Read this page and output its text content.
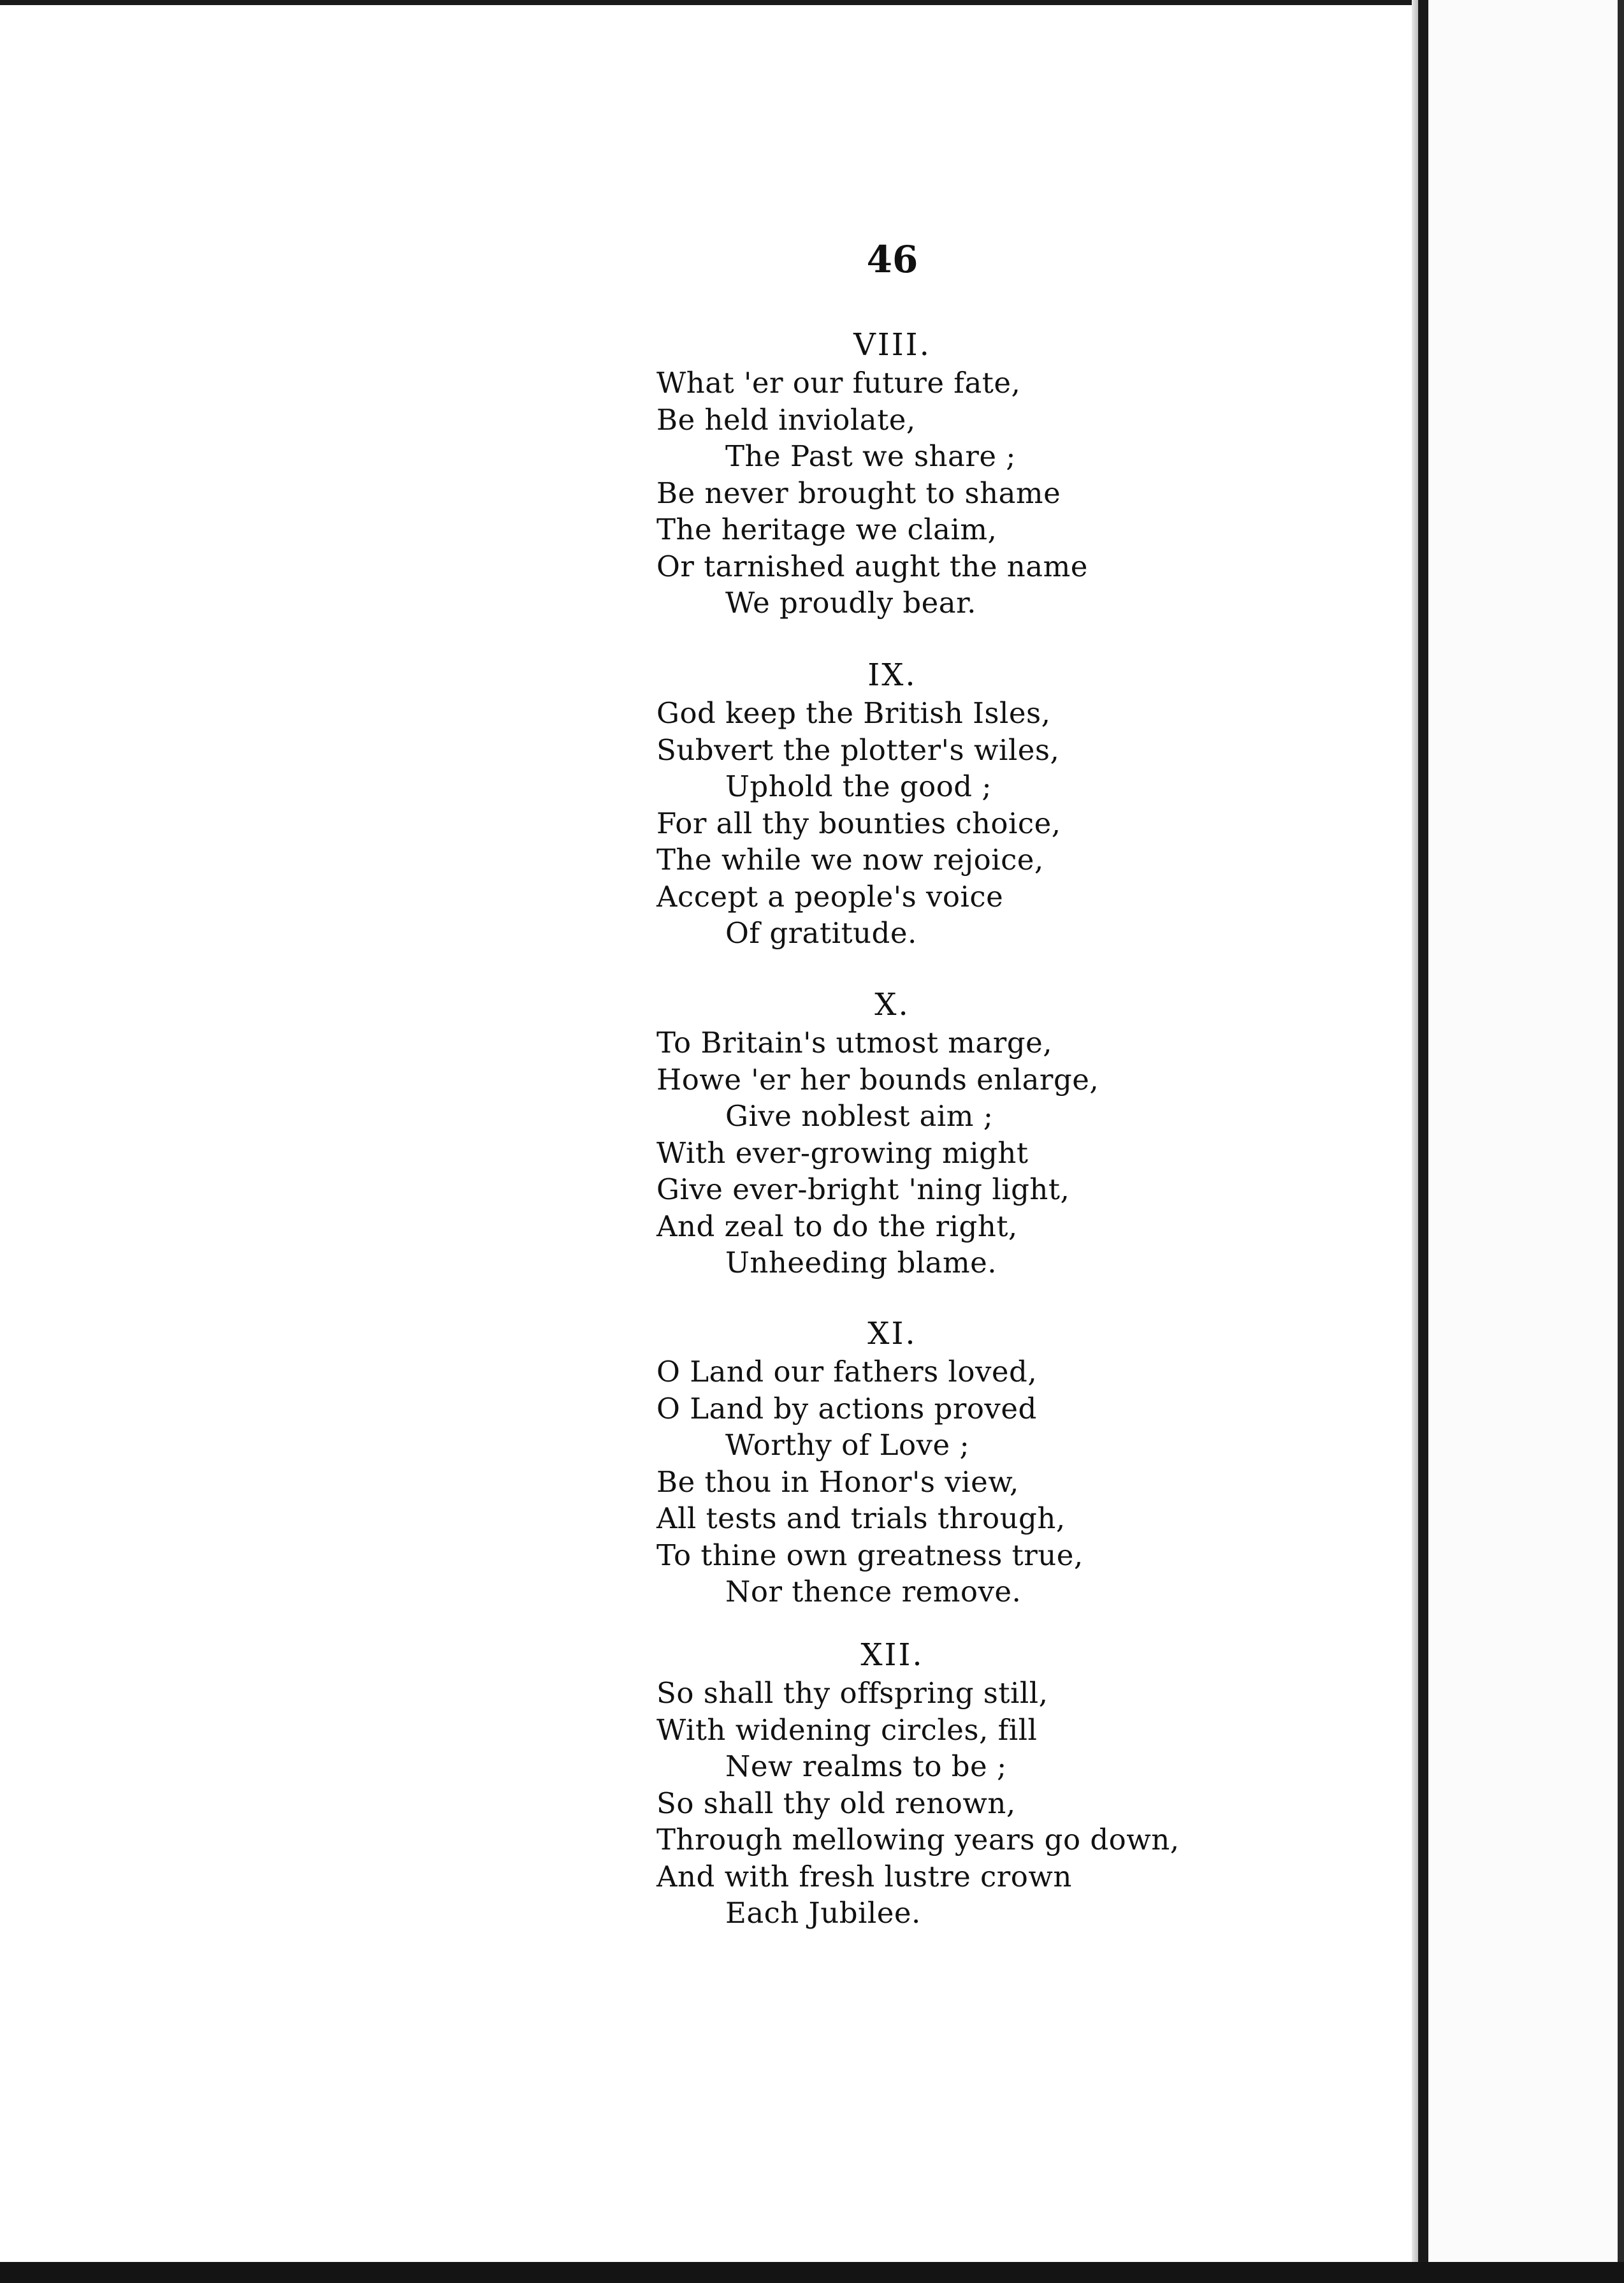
46
VIII.
What 'er our future fate,
Be held inviolate,
The Past we share ;
Be never brought to shame
The heritage we claim,
Or tarnished aught the name
We proudly bear.
IX.
God keep the British Isles,
Subvert the plotter's wiles,
Uphold the good ;
For all thy bounties choice,
The while we now rejoice,
Accept a people's voice
Of gratitude.
X.
To Britain's utmost marge,
Howe 'er her bounds enlarge,
Give noblest aim ;
With ever-growing might
Give ever-bright 'ning light,
And zeal to do the right,
Unheeding blame.
XI.
O Land our fathers loved,
O Land by actions proved
Worthy of Love ;
Be thou in Honor's view,
All tests and trials through,
To thine own greatness true,
Nor thence remove.
XII.
So shall thy offspring still,
With widening circles, fill
New realms to be ;
So shall thy old renown,
Through mellowing years go down,
And with fresh lustre crown
Each Jubilee.
